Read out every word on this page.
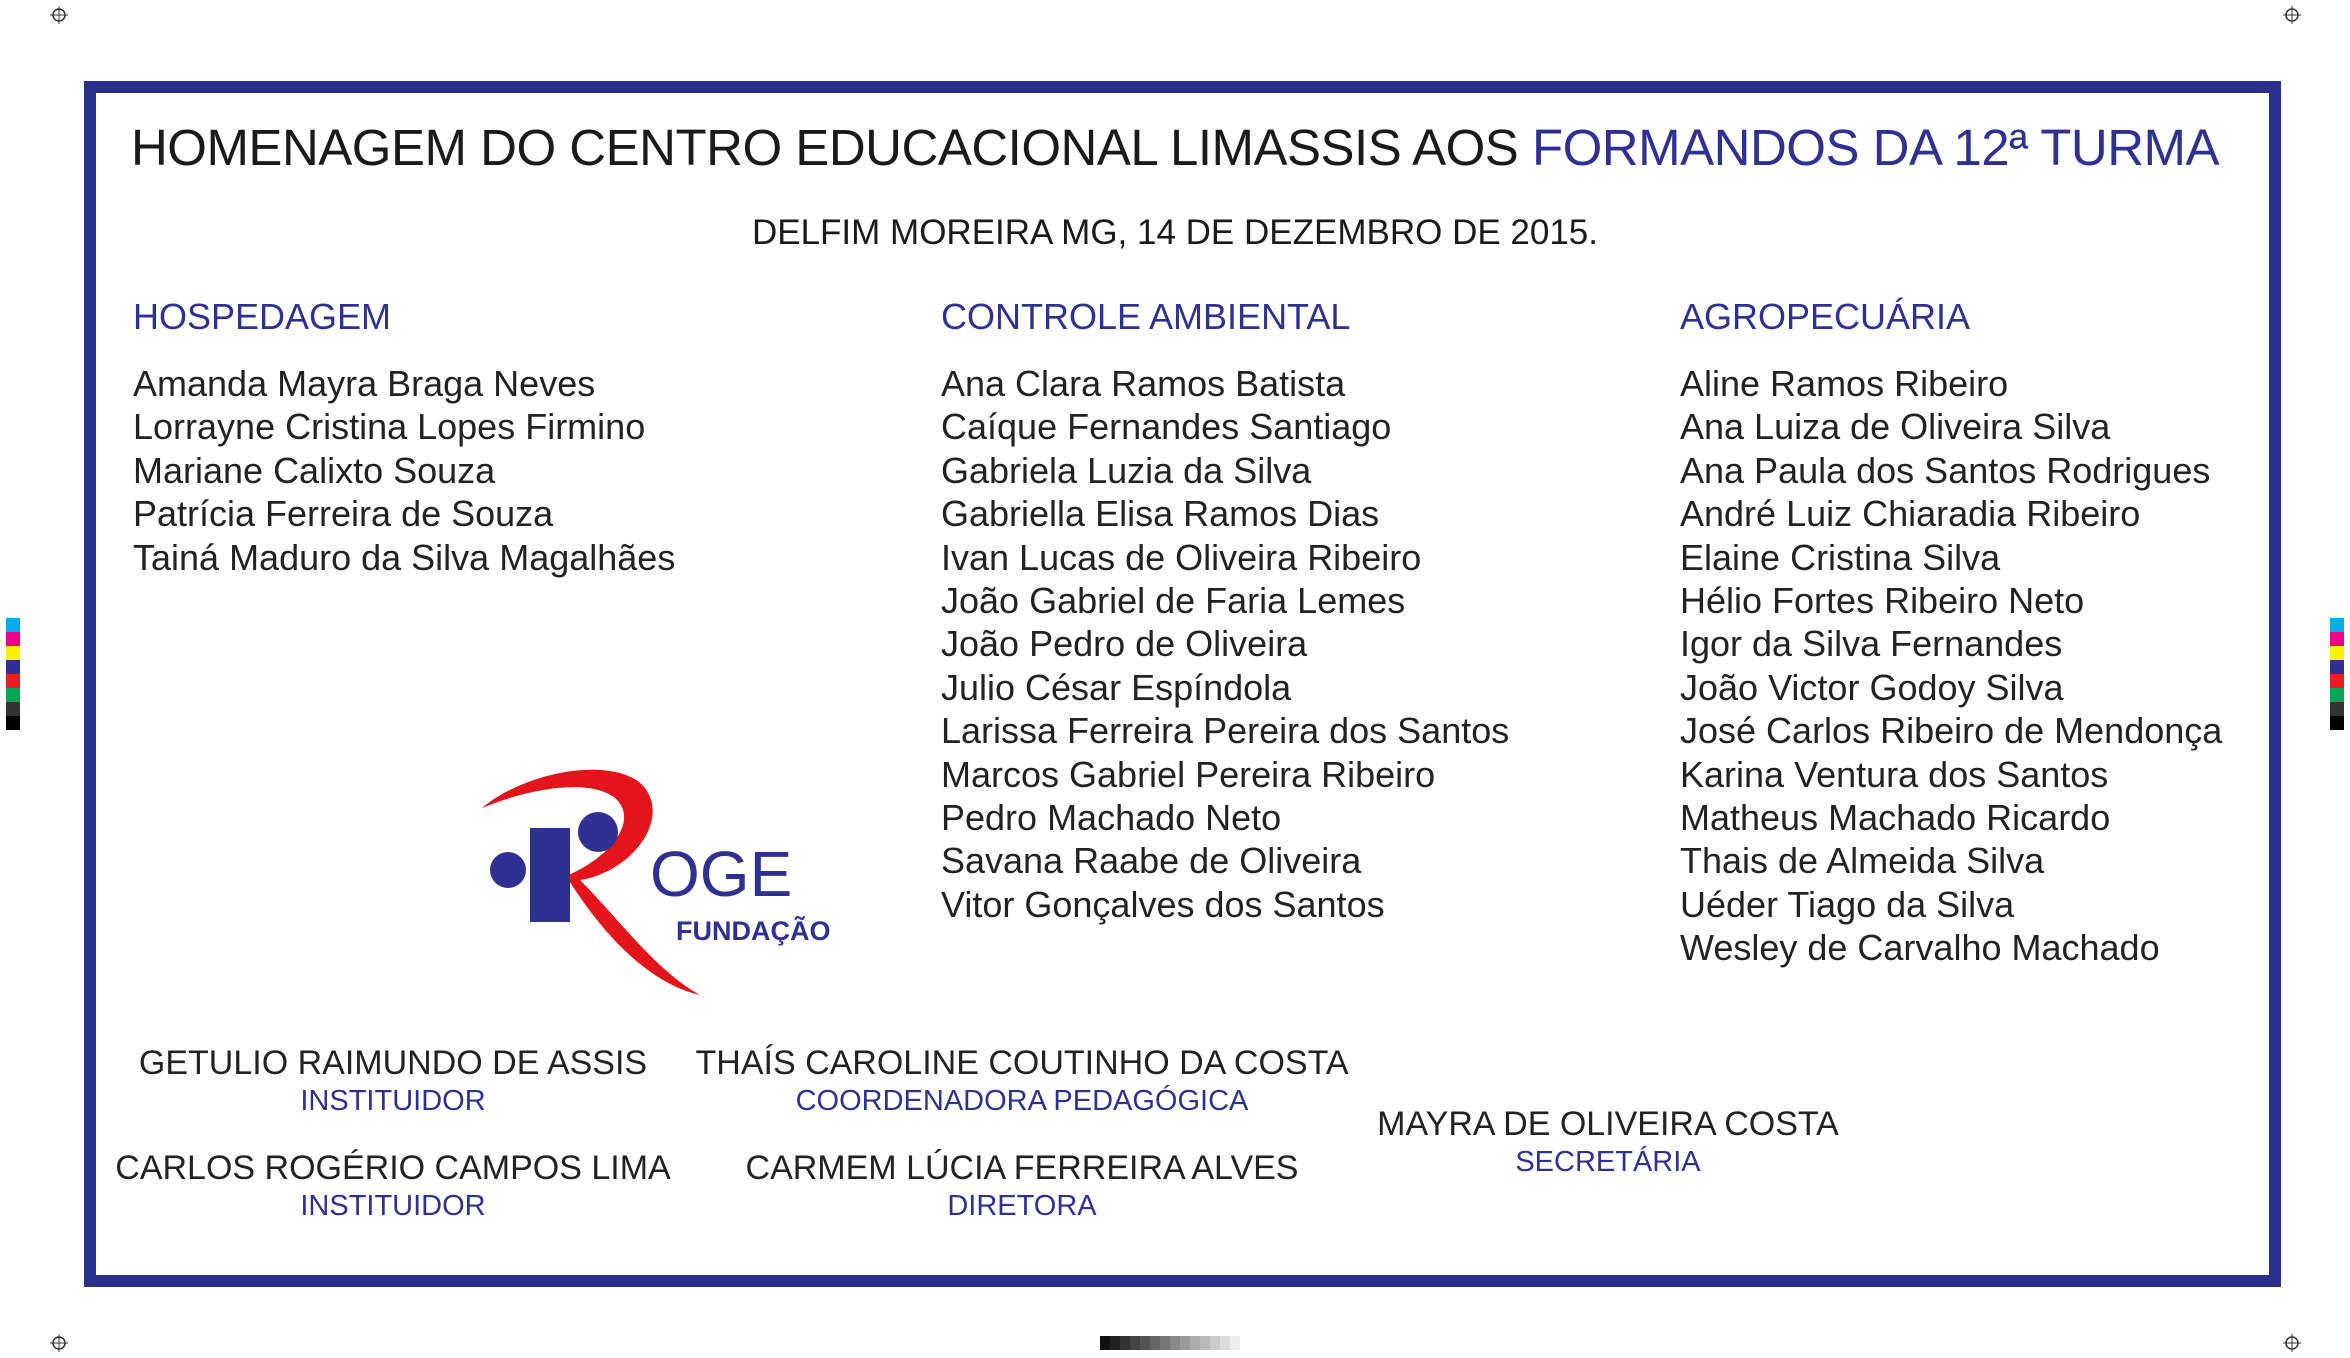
HOMENAGEM DO CENTRO EDUCACIONAL LIMASSIS AOS FORMANDOS DA 12ª TURMA
DELFIM MOREIRA MG, 14 DE DEZEMBRO DE 2015.
HOSPEDAGEM
Amanda Mayra Braga Neves
Lorrayne Cristina Lopes Firmino
Mariane Calixto Souza
Patrícia Ferreira de Souza
Tainá Maduro da Silva Magalhães
CONTROLE AMBIENTAL
Ana Clara Ramos Batista
Caíque Fernandes Santiago
Gabriela Luzia da Silva
Gabriella Elisa Ramos Dias
Ivan Lucas de Oliveira Ribeiro
João Gabriel de Faria Lemes
João Pedro de Oliveira
Julio César Espíndola
Larissa Ferreira Pereira dos Santos
Marcos Gabriel Pereira Ribeiro
Pedro Machado Neto
Savana Raabe de Oliveira
Vitor Gonçalves dos Santos
AGROPECUÁRIA
Aline Ramos Ribeiro
Ana Luiza de Oliveira Silva
Ana Paula dos Santos Rodrigues
André Luiz Chiaradia Ribeiro
Elaine Cristina Silva
Hélio Fortes Ribeiro Neto
Igor da Silva Fernandes
João Victor Godoy Silva
José Carlos Ribeiro de Mendonça
Karina Ventura dos Santos
Matheus Machado Ricardo
Thais de Almeida Silva
Uéder Tiago da Silva
Wesley de Carvalho Machado
OGE
FUNDAÇÃO
GETULIO RAIMUNDO DE ASSIS
INSTITUIDOR
CARLOS ROGÉRIO CAMPOS LIMA
INSTITUIDOR
THAÍS CAROLINE COUTINHO DA COSTA
COORDENADORA PEDAGÓGICA
CARMEM LÚCIA FERREIRA ALVES
DIRETORA
MAYRA DE OLIVEIRA COSTA
SECRETÁRIA
